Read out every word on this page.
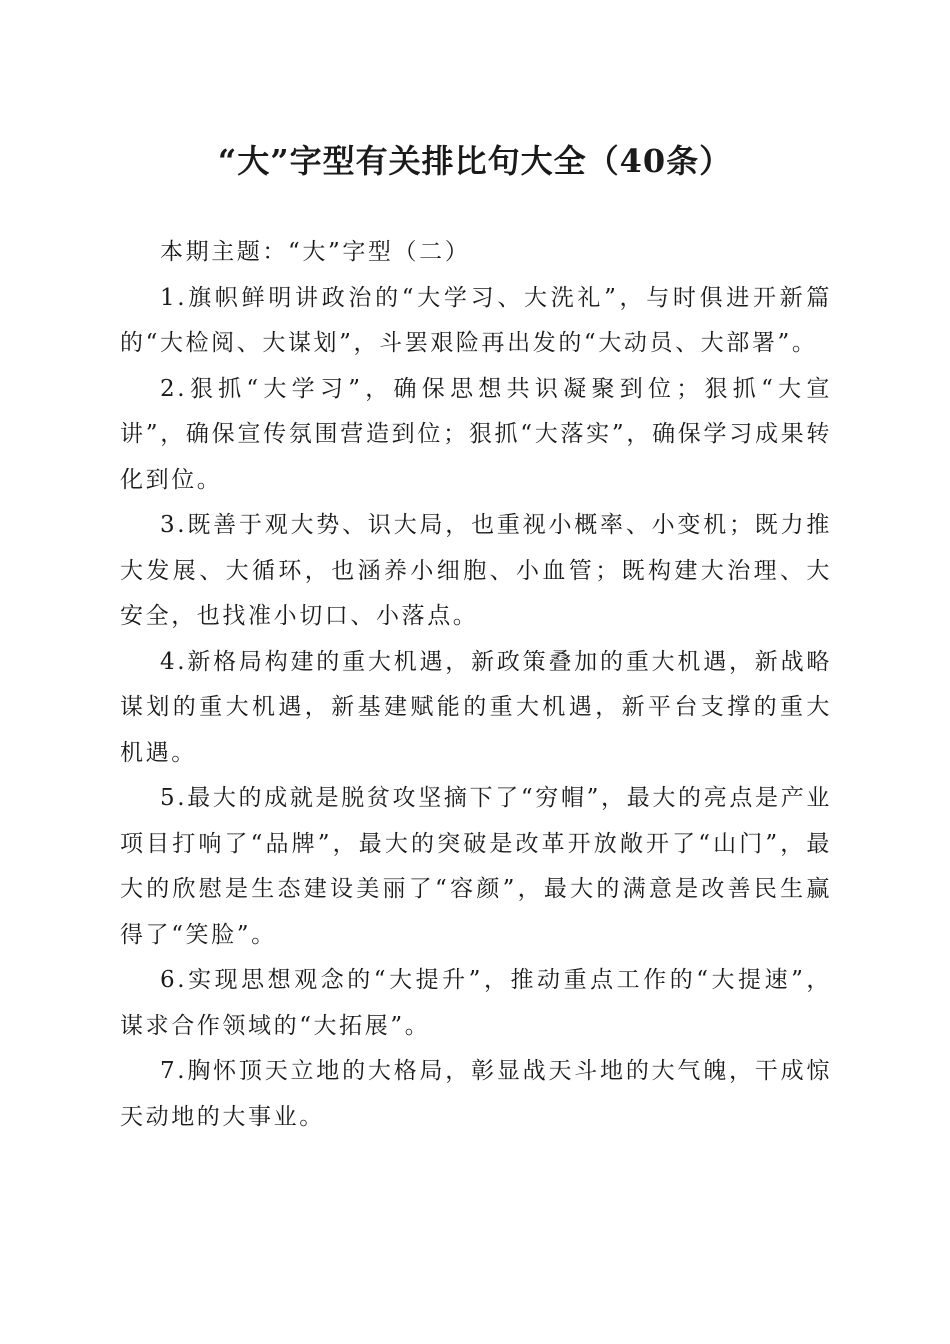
“大”字型有关排比句大全（40条）

本期主题：“大”字型（二）

1.旗帜鲜明讲政治的“大学习、大洗礼”，与时俱进开新篇的“大检阅、大谋划”，斗罢艰险再出发的“大动员、大部署”。

2.狠抓“大学习”，确保思想共识凝聚到位；狠抓“大宣讲”，确保宣传氛围营造到位；狠抓“大落实”，确保学习成果转化到位。

3.既善于观大势、识大局，也重视小概率、小变机；既力推大发展、大循环，也涵养小细胞、小血管；既构建大治理、大安全，也找准小切口、小落点。

4.新格局构建的重大机遇，新政策叠加的重大机遇，新战略谋划的重大机遇，新基建赋能的重大机遇，新平台支撑的重大机遇。

5.最大的成就是脱贫攻坚摘下了“穷帽”，最大的亮点是产业项目打响了“品牌”，最大的突破是改革开放敞开了“山门”，最大的欣慰是生态建设美丽了“容颜”，最大的满意是改善民生赢得了“笑脸”。

6.实现思想观念的“大提升”，推动重点工作的“大提速”，谋求合作领域的“大拓展”。

7.胸怀顶天立地的大格局，彰显战天斗地的大气魄，干成惊天动地的大事业。
